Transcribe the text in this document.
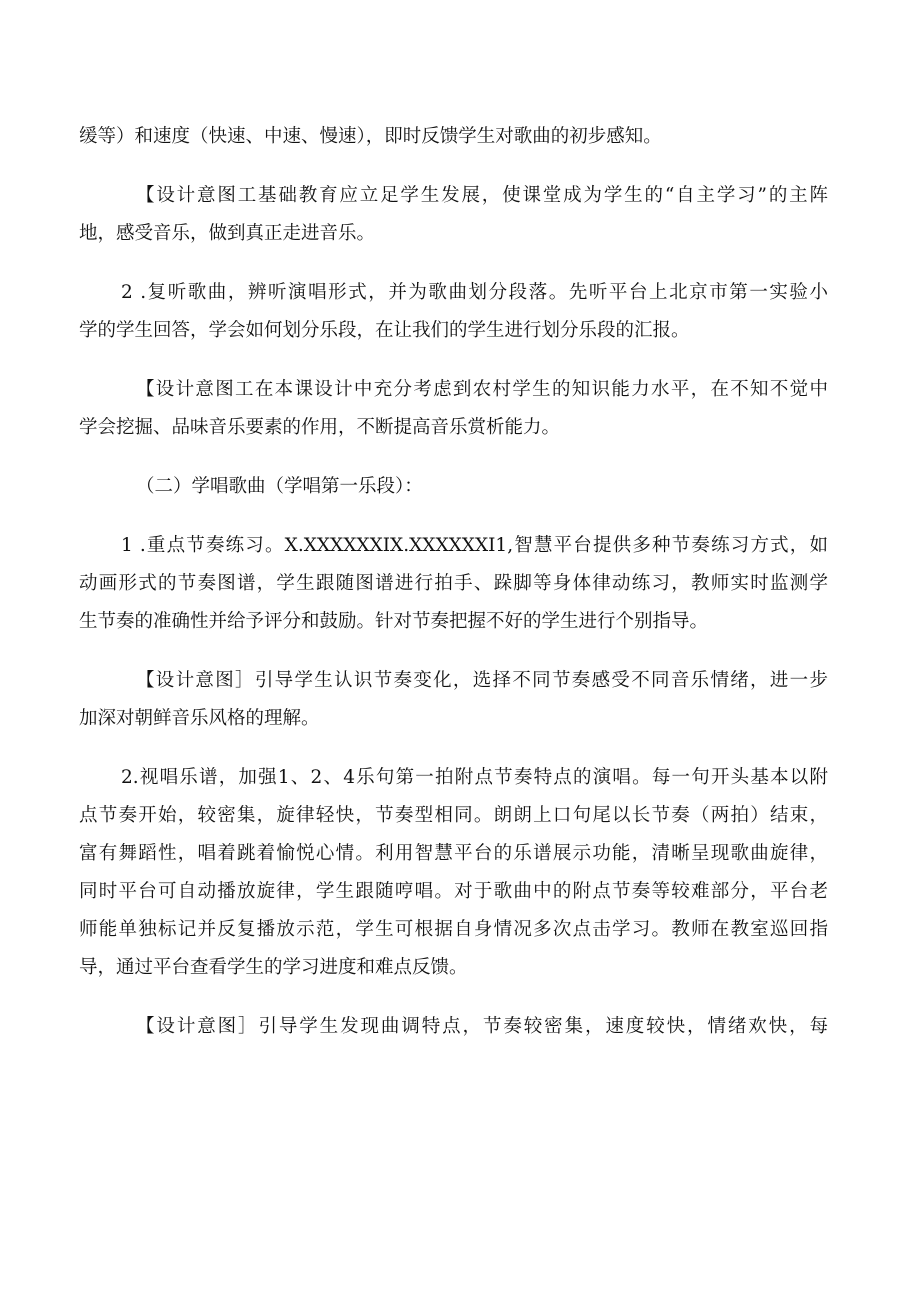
缓等）和速度（快速、中速、慢速），即时反馈学生对歌曲的初步感知。

【设计意图工基础教育应立足学生发展，使课堂成为学生的“自主学习”的主阵
地，感受音乐，做到真正走进音乐。

2 .复听歌曲，辨听演唱形式，并为歌曲划分段落。先听平台上北京市第一实验小
学的学生回答，学会如何划分乐段，在让我们的学生进行划分乐段的汇报。

【设计意图工在本课设计中充分考虑到农村学生的知识能力水平，在不知不觉中
学会挖掘、品味音乐要素的作用，不断提高音乐赏析能力。

（二）学唱歌曲（学唱第一乐段）：

1 .重点节奏练习。X.XXXXXXIX.XXXXXXI1,智慧平台提供多种节奏练习方式，如
动画形式的节奏图谱，学生跟随图谱进行拍手、跺脚等身体律动练习，教师实时监测学
生节奏的准确性并给予评分和鼓励。针对节奏把握不好的学生进行个别指导。

【设计意图］引导学生认识节奏变化，选择不同节奏感受不同音乐情绪，进一步
加深对朝鲜音乐风格的理解。

2.视唱乐谱，加强1、2、4乐句第一拍附点节奏特点的演唱。每一句开头基本以附
点节奏开始，较密集，旋律轻快，节奏型相同。朗朗上口句尾以长节奏（两拍）结束，
富有舞蹈性，唱着跳着愉悦心情。利用智慧平台的乐谱展示功能，清晰呈现歌曲旋律，
同时平台可自动播放旋律，学生跟随哼唱。对于歌曲中的附点节奏等较难部分，平台老
师能单独标记并反复播放示范，学生可根据自身情况多次点击学习。教师在教室巡回指
导，通过平台查看学生的学习进度和难点反馈。

【设计意图］引导学生发现曲调特点，节奏较密集，速度较快，情绪欢快，每
